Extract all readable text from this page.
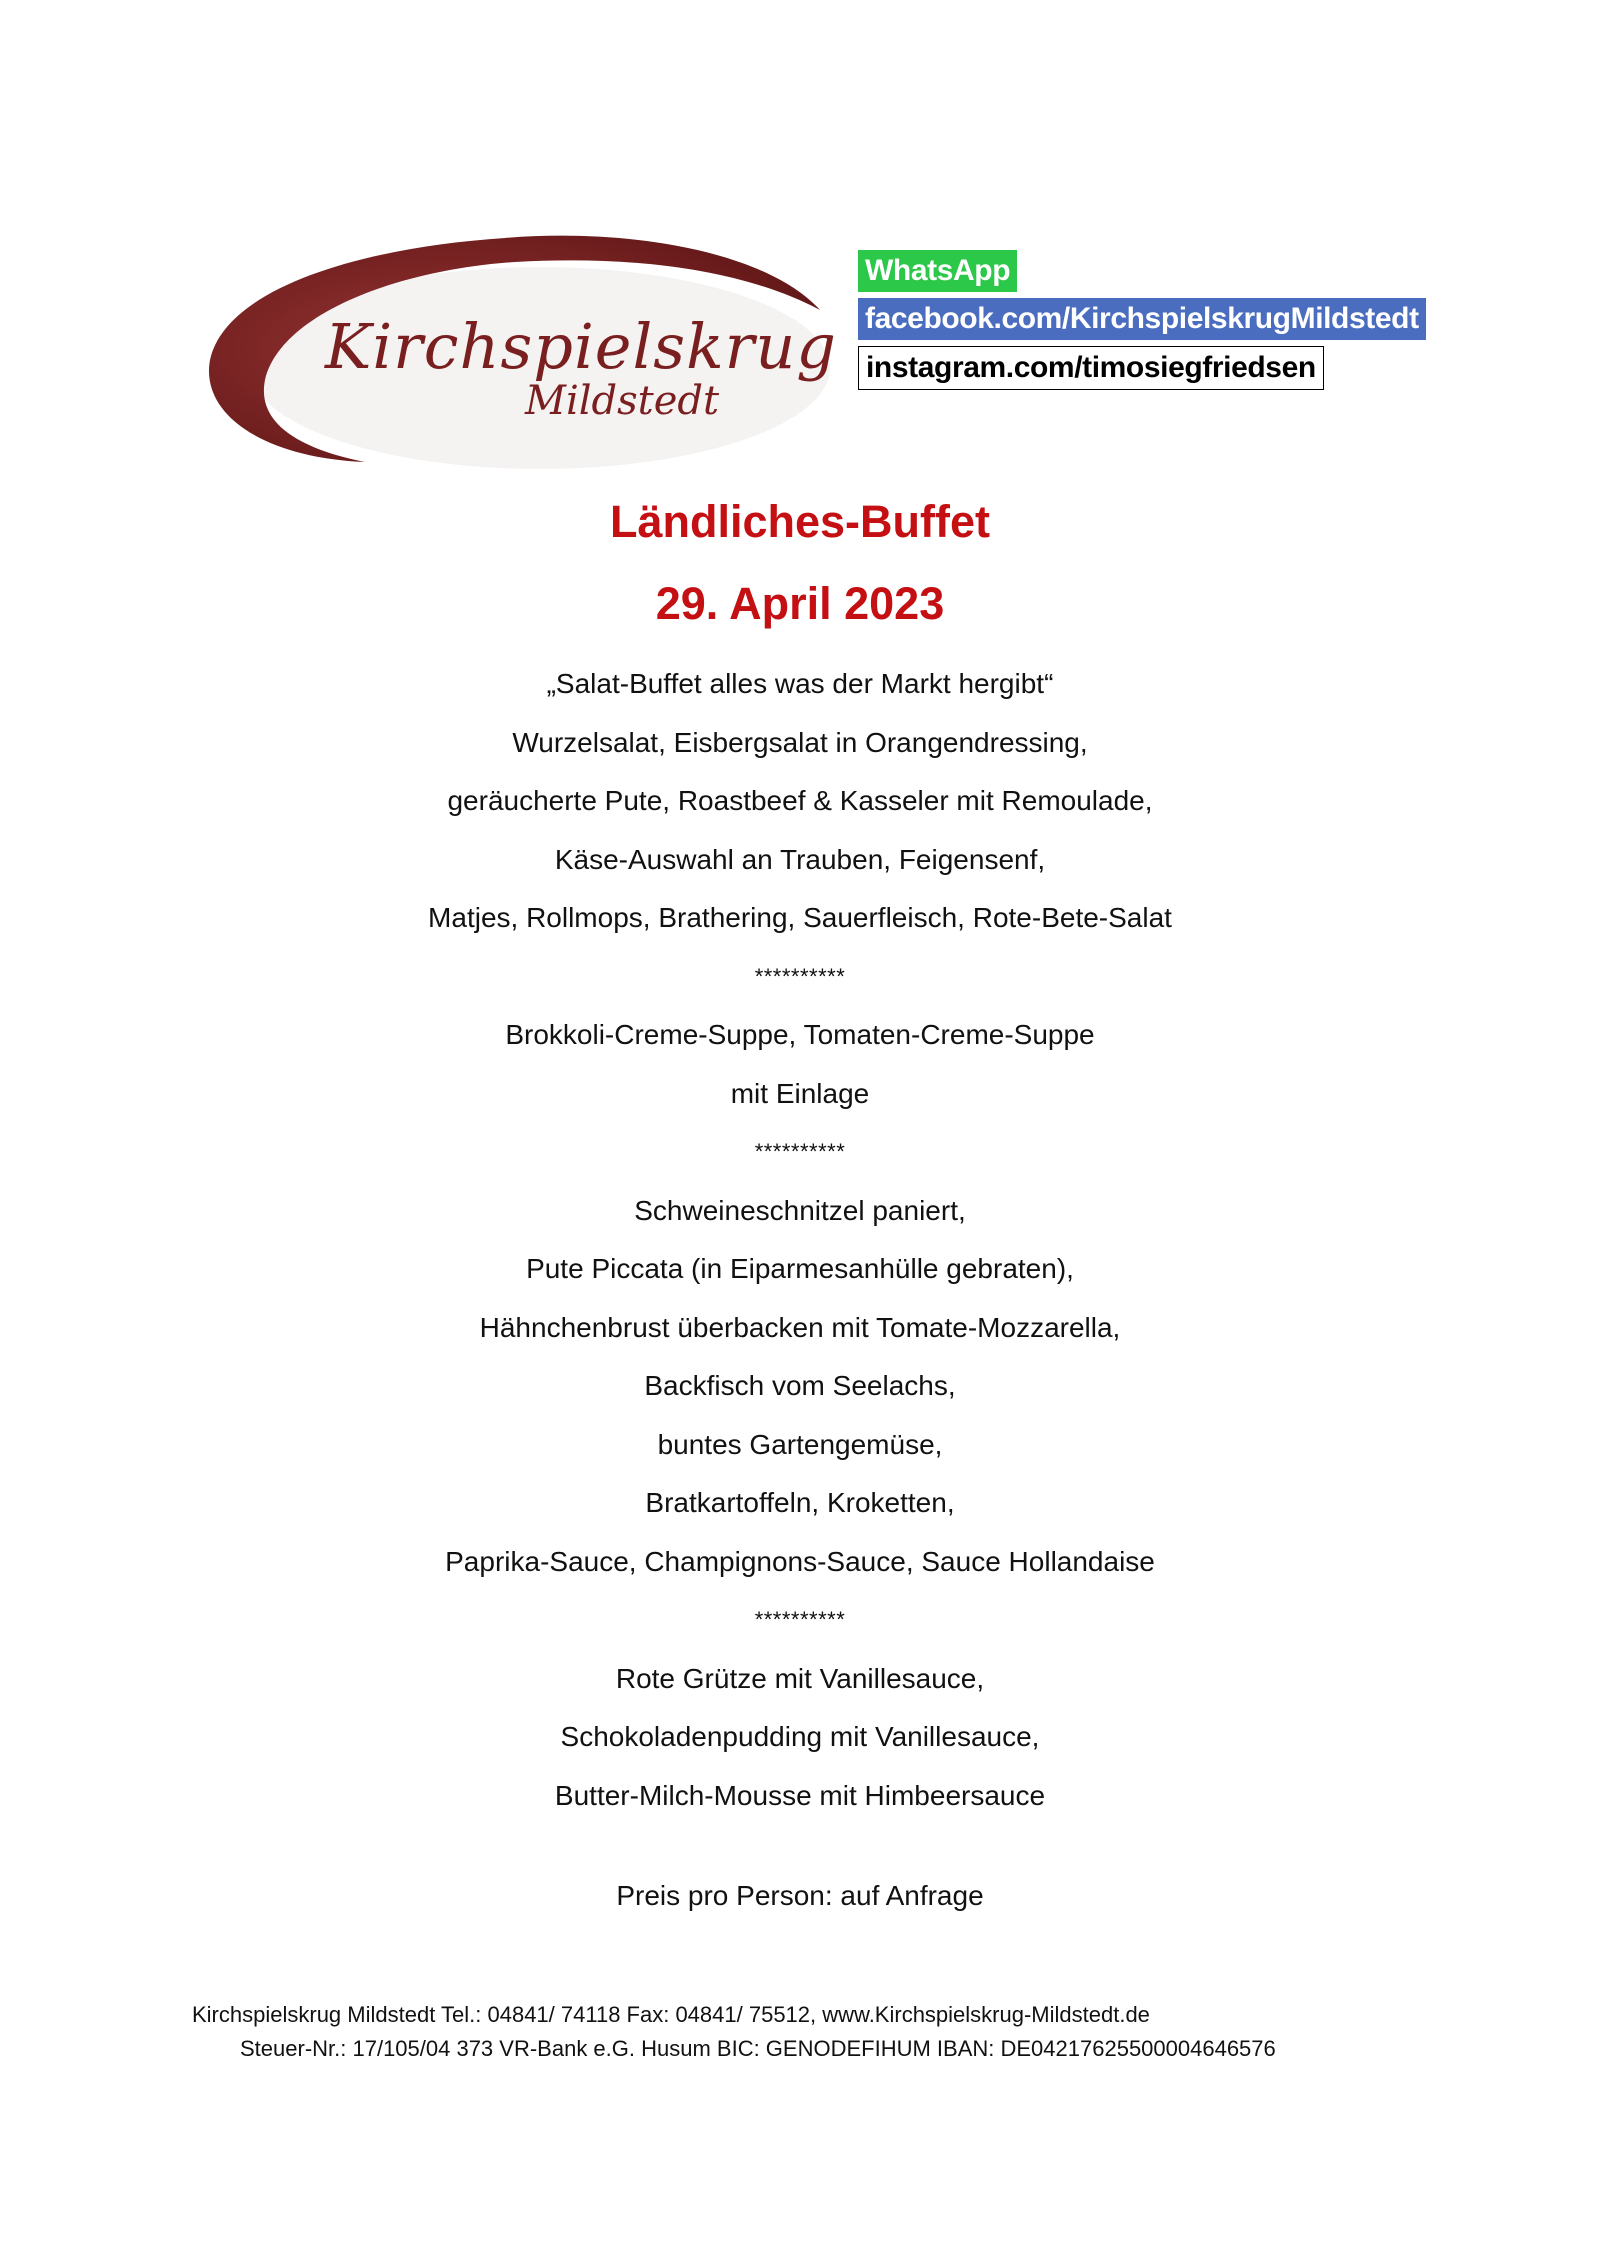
Kirchspielskrug
Mildstedt
WhatsApp
facebook.com/KirchspielskrugMildstedt
instagram.com/timosiegfriedsen
Ländliches-Buffet
29. April 2023
„Salat-Buffet alles was der Markt hergibt“
Wurzelsalat, Eisbergsalat in Orangendressing,
geräucherte Pute, Roastbeef & Kasseler mit Remoulade,
Käse-Auswahl an Trauben, Feigensenf,
Matjes, Rollmops, Brathering, Sauerfleisch, Rote-Bete-Salat
**********
Brokkoli-Creme-Suppe, Tomaten-Creme-Suppe
mit Einlage
**********
Schweineschnitzel paniert,
Pute Piccata (in Eiparmesanhülle gebraten),
Hähnchenbrust überbacken mit Tomate-Mozzarella,
Backfisch vom Seelachs,
buntes Gartengemüse,
Bratkartoffeln, Kroketten,
Paprika-Sauce, Champignons-Sauce, Sauce Hollandaise
**********
Rote Grütze mit Vanillesauce,
Schokoladenpudding mit Vanillesauce,
Butter-Milch-Mousse mit Himbeersauce
Preis pro Person: auf Anfrage
Kirchspielskrug Mildstedt Tel.: 04841/ 74118 Fax: 04841/ 75512, www.Kirchspielskrug-Mildstedt.de
Steuer-Nr.: 17/105/04 373 VR-Bank e.G. Husum BIC: GENODEFIHUM IBAN: DE04217625500004646576
